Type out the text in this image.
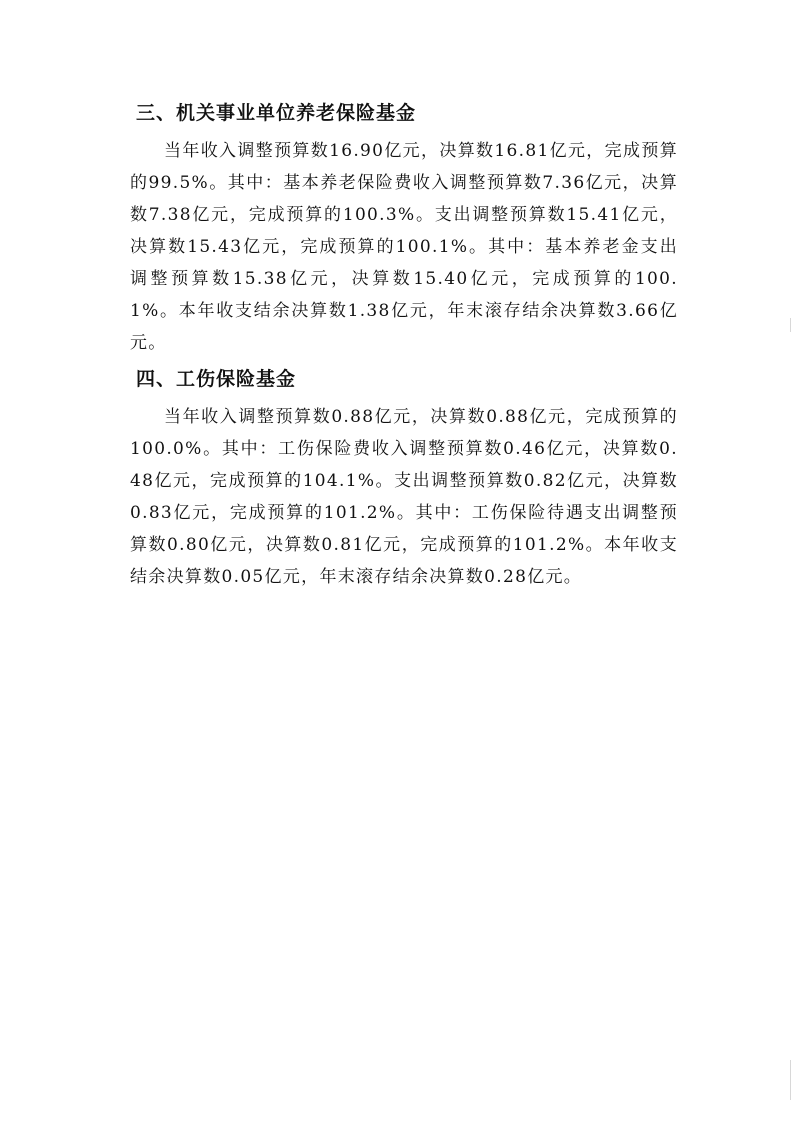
三、机关事业单位养老保险基金

当年收入调整预算数16.90亿元，决算数16.81亿元，完成预算的99.5%。其中：基本养老保险费收入调整预算数7.36亿元，决算数7.38亿元，完成预算的100.3%。支出调整预算数15.41亿元，决算数15.43亿元，完成预算的100.1%。其中：基本养老金支出调整预算数15.38亿元，决算数15.40亿元，完成预算的100.1%。本年收支结余决算数1.38亿元，年末滚存结余决算数3.66亿元。

四、工伤保险基金

当年收入调整预算数0.88亿元，决算数0.88亿元，完成预算的100.0%。其中：工伤保险费收入调整预算数0.46亿元，决算数0.48亿元，完成预算的104.1%。支出调整预算数0.82亿元，决算数0.83亿元，完成预算的101.2%。其中：工伤保险待遇支出调整预算数0.80亿元，决算数0.81亿元，完成预算的101.2%。本年收支结余决算数0.05亿元，年末滚存结余决算数0.28亿元。
